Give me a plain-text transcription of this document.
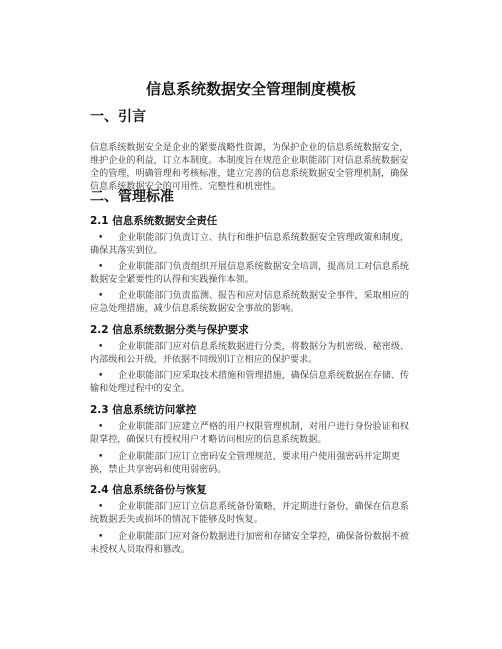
信息系统数据安全管理制度模板
一、引言
信息系统数据安全是企业的紧要战略性资源，为保护企业的信息系统数据安全，维护企业的利益，订立本制度。本制度旨在规范企业职能部门对信息系统数据安全的管理，明确管理和考核标准，建立完善的信息系统数据安全管理机制，确保信息系统数据安全的可用性、完整性和机密性。
二、管理标准
2.1 信息系统数据安全责任
• 企业职能部门负责订立、执行和维护信息系统数据安全管理政策和制度，确保其落实到位。
• 企业职能部门负责组织开展信息系统数据安全培训，提高员工对信息系统数据安全紧要性的认得和实践操作本领。
• 企业职能部门负责监测、报告和应对信息系统数据安全事件，采取相应的应急处理措施，减少信息系统数据安全事故的影响。
2.2 信息系统数据分类与保护要求
• 企业职能部门应对信息系统数据进行分类，将数据分为机密级、秘密级、内部级和公开级，并依据不同级别订立相应的保护要求。
• 企业职能部门应采取技术措施和管理措施，确保信息系统数据在存储、传输和处理过程中的安全。
2.3 信息系统访问掌控
• 企业职能部门应建立严格的用户权限管理机制，对用户进行身份验证和权限掌控，确保只有授权用户才略访问相应的信息系统数据。
• 企业职能部门应订立密码安全管理规范，要求用户使用强密码并定期更换，禁止共享密码和使用弱密码。
2.4 信息系统备份与恢复
• 企业职能部门应订立信息系统备份策略，并定期进行备份，确保在信息系统数据丢失或损坏的情况下能够及时恢复。
• 企业职能部门应对备份数据进行加密和存储安全掌控，确保备份数据不被未授权人员取得和篡改。
